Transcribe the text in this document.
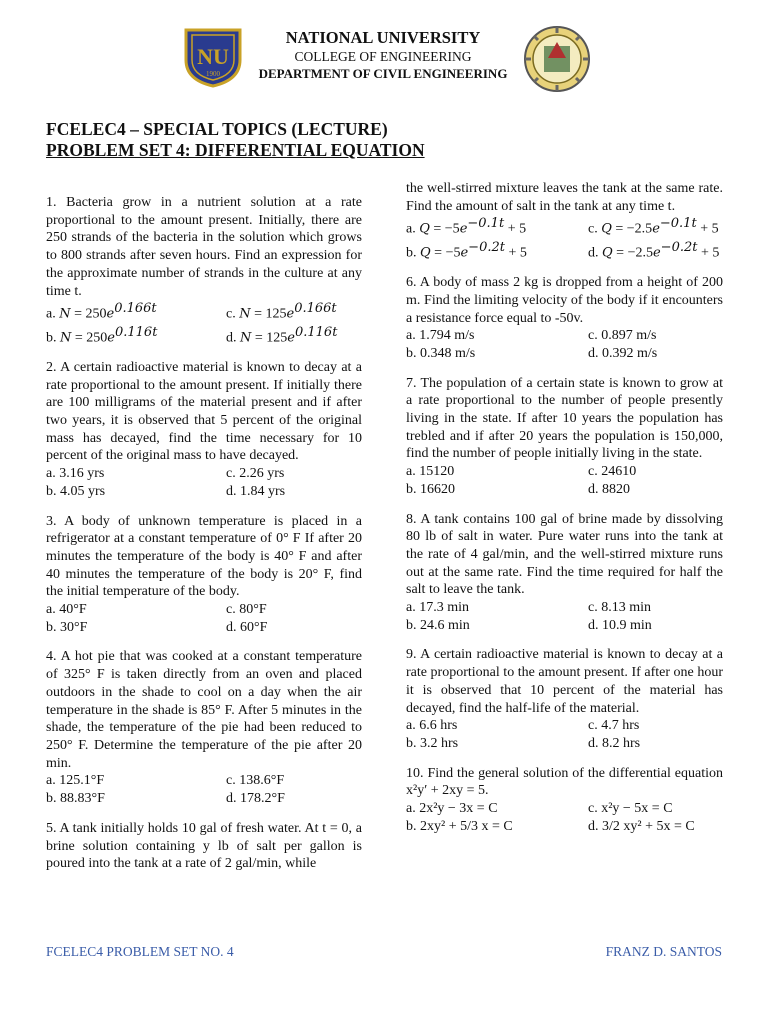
NU
1900
NATIONAL UNIVERSITY
COLLEGE OF ENGINEERING
DEPARTMENT OF CIVIL ENGINEERING
FCELEC4 – SPECIAL TOPICS (LECTURE)
PROBLEM SET 4: DIFFERENTIAL EQUATION
1. Bacteria grow in a nutrient solution at a rate proportional to the amount present. Initially, there are 250 strands of the bacteria in the solution which grows to 800 strands after seven hours. Find an expression for the approximate number of strands in the culture at any time t.
a. $N = 250e^{0.166t}$	c. $N = 125e^{0.166t}$
b. $N = 250e^{0.116t}$	d. $N = 125e^{0.116t}$
2. A certain radioactive material is known to decay at a rate proportional to the amount present. If initially there are 100 milligrams of the material present and if after two years, it is observed that 5 percent of the original mass has decayed, find the time necessary for 10 percent of the original mass to have decayed.
a. 3.16 yrs	c. 2.26 yrs
b. 4.05 yrs	d. 1.84 yrs
3. A body of unknown temperature is placed in a refrigerator at a constant temperature of 0° F If after 20 minutes the temperature of the body is 40° F and after 40 minutes the temperature of the body is 20° F, find the initial temperature of the body.
a. 40°F	c. 80°F
b. 30°F	d. 60°F
4. A hot pie that was cooked at a constant temperature of 325° F is taken directly from an oven and placed outdoors in the shade to cool on a day when the air temperature in the shade is 85° F. After 5 minutes in the shade, the temperature of the pie had been reduced to 250° F. Determine the temperature of the pie after 20 min.
a. 125.1°F	c. 138.6°F
b. 88.83°F	d. 178.2°F
5. A tank initially holds 10 gal of fresh water. At t = 0, a brine solution containing y lb of salt per gallon is poured into the tank at a rate of 2 gal/min, while
the well-stirred mixture leaves the tank at the same rate. Find the amount of salt in the tank at any time t.
a. $Q = -5e^{-0.1t} + 5$	c. $Q = -2.5e^{-0.1t} + 5$
b. $Q = -5e^{-0.2t} + 5$	d. $Q = -2.5e^{-0.2t} + 5$
6. A body of mass 2 kg is dropped from a height of 200 m. Find the limiting velocity of the body if it encounters a resistance force equal to -50v.
a. 1.794 m/s	c. 0.897 m/s
b. 0.348 m/s	d. 0.392 m/s
7. The population of a certain state is known to grow at a rate proportional to the number of people presently living in the state. If after 10 years the population has trebled and if after 20 years the population is 150,000, find the number of people initially living in the state.
a. 15120	c. 24610
b. 16620	d. 8820
8. A tank contains 100 gal of brine made by dissolving 80 lb of salt in water. Pure water runs into the tank at the rate of 4 gal/min, and the well-stirred mixture runs out at the same rate. Find the time required for half the salt to leave the tank.
a. 17.3 min	c. 8.13 min
b. 24.6 min	d. 10.9 min
9. A certain radioactive material is known to decay at a rate proportional to the amount present. If after one hour it is observed that 10 percent of the material has decayed, find the half-life of the material.
a. 6.6 hrs	c. 4.7 hrs
b. 3.2 hrs	d. 8.2 hrs
10. Find the general solution of the differential equation x²y′ + 2xy = 5.
a. 2x²y − 3x = C	c. x²y − 5x = C
b. 2xy² + 5/3 x = C	d. 3/2 xy² + 5x = C
FCELEC4 PROBLEM SET NO. 4	FRANZ D. SANTOS
